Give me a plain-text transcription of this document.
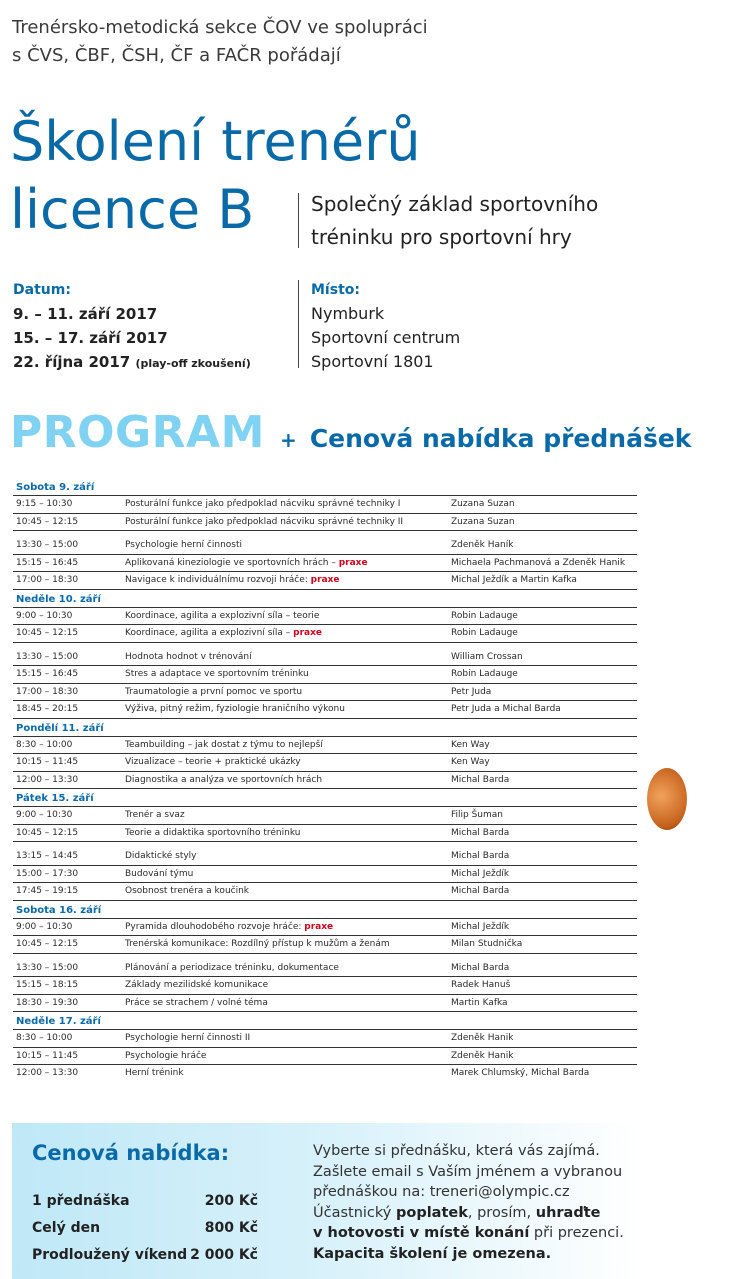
Trenérsko-metodická sekce ČOV ve spolupráci
s ČVS, ČBF, ČSH, ČF a FAČR pořádají
Školení trenérů
licence B	Společný základ sportovního
tréninku pro sportovní hry
Datum:
9. – 11. září 2017
15. – 17. září 2017
22. října 2017 (play-off zkoušení)
Místo:
Nymburk
Sportovní centrum
Sportovní 1801
PROGRAM + Cenová nabídka přednášek
Sobota 9. září
9:15 – 10:30	Posturální funkce jako předpoklad nácviku správné techniky I	Zuzana Suzan
10:45 – 12:15	Posturální funkce jako předpoklad nácviku správné techniky II	Zuzana Suzan
13:30 – 15:00	Psychologie herní činnosti	Zdeněk Haník
15:15 – 16:45	Aplikovaná kineziologie ve sportovních hrách – praxe	Michaela Pachmanová a Zdeněk Hanik
17:00 – 18:30	Navigace k individuálnímu rozvoji hráče: praxe	Michal Ježdík a Martin Kafka
Neděle 10. září
9:00 – 10:30	Koordinace, agilita a explozivní síla – teorie	Robin Ladauge
10:45 – 12:15	Koordinace, agilita a explozivní síla – praxe	Robin Ladauge
13:30 – 15:00	Hodnota hodnot v trénování	William Crossan
15:15 – 16:45	Stres a adaptace ve sportovním tréninku	Robin Ladauge
17:00 – 18:30	Traumatologie a první pomoc ve sportu	Petr Juda
18:45 – 20:15	Výživa, pitný režim, fyziologie hraničního výkonu	Petr Juda a Michal Barda
Pondělí 11. září
8:30 – 10:00	Teambuilding – jak dostat z týmu to nejlepší	Ken Way
10:15 – 11:45	Vizualizace – teorie + praktické ukázky	Ken Way
12:00 – 13:30	Diagnostika a analýza ve sportovních hrách	Michal Barda
Pátek 15. září
9:00 – 10:30	Trenér a svaz	Filip Šuman
10:45 – 12:15	Teorie a didaktika sportovního tréninku	Michal Barda
13:15 – 14:45	Didaktické styly	Michal Barda
15:00 – 17:30	Budování týmu	Michal Ježdík
17:45 – 19:15	Osobnost trenéra a koučink	Michal Barda
Sobota 16. září
9:00 – 10:30	Pyramida dlouhodobého rozvoje hráče: praxe	Michal Ježdík
10:45 – 12:15	Trenérská komunikace: Rozdílný přístup k mužům a ženám	Milan Studnička
13:30 – 15:00	Plánování a periodizace tréninku, dokumentace	Michal Barda
15:15 – 18:15	Základy mezilidské komunikace	Radek Hanuš
18:30 – 19:30	Práce se strachem / volné téma	Martin Kafka
Neděle 17. září
8:30 – 10:00	Psychologie herní činnosti II	Zdeněk Hanik
10:15 – 11:45	Psychologie hráče	Zdeněk Hanik
12:00 – 13:30	Herní trénink	Marek Chlumský, Michal Barda
Cenová nabídka:
1 přednáška	200 Kč
Celý den	800 Kč
Prodloužený víkend 2 000 Kč
Vyberte si přednášku, která vás zajímá.
Zašlete email s Vaším jménem a vybranou
přednáškou na: treneri@olympic.cz
Účastnický poplatek, prosím, uhraďte
v hotovosti v místě konání při prezenci.
Kapacita školení je omezena.
